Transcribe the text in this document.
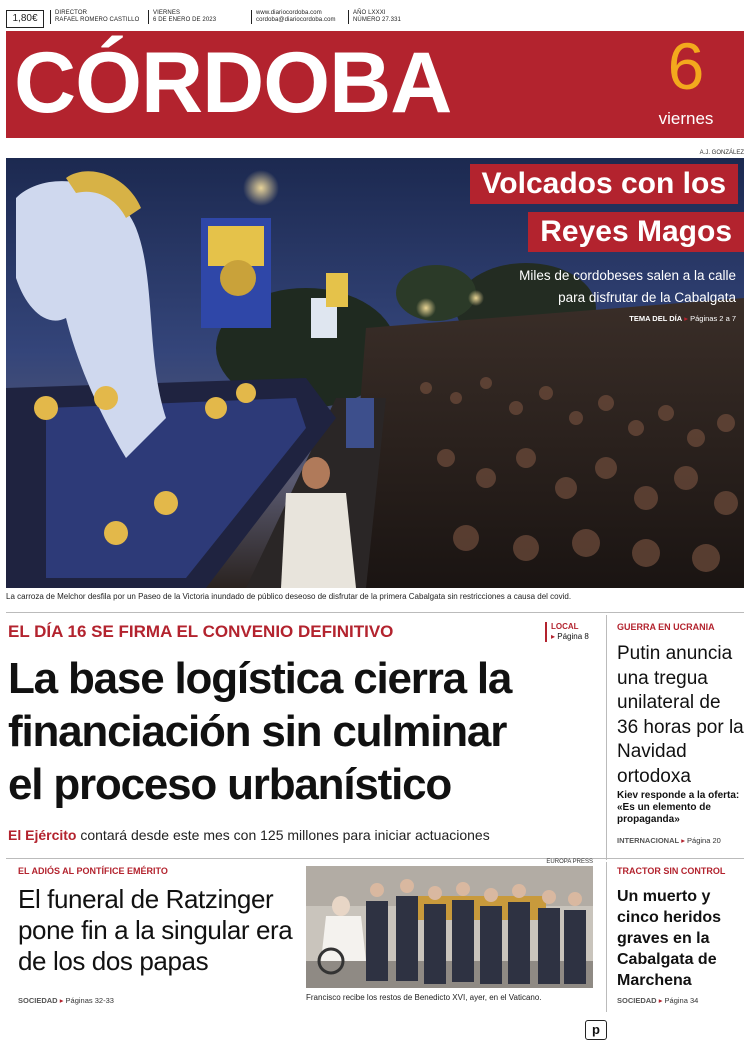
1,80€	DIRECTOR
RAFAEL ROMERO CASTILLO
VIERNES
6 DE ENERO DE 2023
www.diariocordoba.com
cordoba@diariocordoba.com
AÑO LXXXI
NÚMERO 27.331
CÓRDOBA	6
viernes
A.J. GONZÁLEZ
Volcados con los
Reyes Magos
Miles de cordobeses salen a la calle
para disfrutar de la Cabalgata
TEMA DEL DÍA ▸ Páginas 2 a 7
La carroza de Melchor desfila por un Paseo de la Victoria inundado de público deseoso de disfrutar de la primera Cabalgata sin restricciones a causa del covid.
EL DÍA 16 SE FIRMA EL CONVENIO DEFINITIVO	LOCAL
▸ Página 8
La base logística cierra la
financiación sin culminar
el proceso urbanístico
El Ejército contará desde este mes con 125 millones para iniciar actuaciones
GUERRA EN UCRANIA
Putin anuncia una tregua unilateral de 36 horas por la Navidad ortodoxa
Kiev responde a la oferta: «Es un elemento de propaganda»
INTERNACIONAL ▸ Página 20
EL ADIÓS AL PONTÍFICE EMÉRITO
El funeral de Ratzinger pone fin a la singular era de los dos papas
SOCIEDAD ▸ Páginas 32-33
EUROPA PRESS
Francisco recibe los restos de Benedicto XVI, ayer, en el Vaticano.
TRACTOR SIN CONTROL
Un muerto y cinco heridos graves en la Cabalgata de Marchena
SOCIEDAD ▸ Página 34
p
